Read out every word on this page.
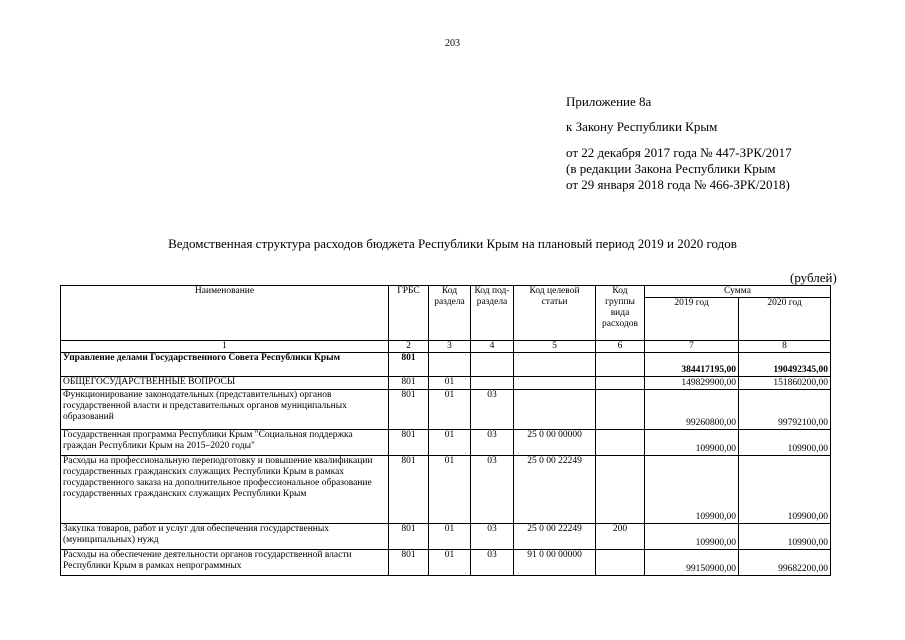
203
Приложение 8а
к Закону Республики Крым
от 22 декабря 2017 года № 447-ЗРК/2017
(в редакции Закона Республики Крым
от 29 января 2018 года № 466-ЗРК/2018)
Ведомственная структура расходов бюджета Республики Крым на плановый период 2019 и 2020 годов
(рублей)
Наименование	ГРБС	Код раздела	Код под-раздела	Код целевой статьи	Код группы вида расходов	Сумма	
						2019 год	2020 год
1	2	3	4	5	6	7	8
Управление делами Государственного Совета Республики Крым	801					384417195,00	190492345,00
ОБЩЕГОСУДАРСТВЕННЫЕ ВОПРОСЫ	801	01				149829900,00	151860200,00
Функционирование законодательных (представительных) органов государственной власти и представительных органов муниципальных образований	801	01	03			99260800,00	99792100,00
Государственная программа Республики Крым "Социальная поддержка граждан Республики Крым на 2015–2020 годы"	801	01	03	25 0 00 00000		109900,00	109900,00
Расходы на профессиональную переподготовку и повышение квалификации государственных гражданских служащих Республики Крым в рамках государственного заказа на дополнительное профессиональное образование государственных гражданских служащих Республики Крым	801	01	03	25 0 00 22249		109900,00	109900,00
Закупка товаров, работ и услуг для обеспечения государственных (муниципальных) нужд	801	01	03	25 0 00 22249	200	109900,00	109900,00
Расходы на обеспечение деятельности органов государственной власти Республики Крым в рамках непрограммных	801	01	03	91 0 00 00000		99150900,00	99682200,00
